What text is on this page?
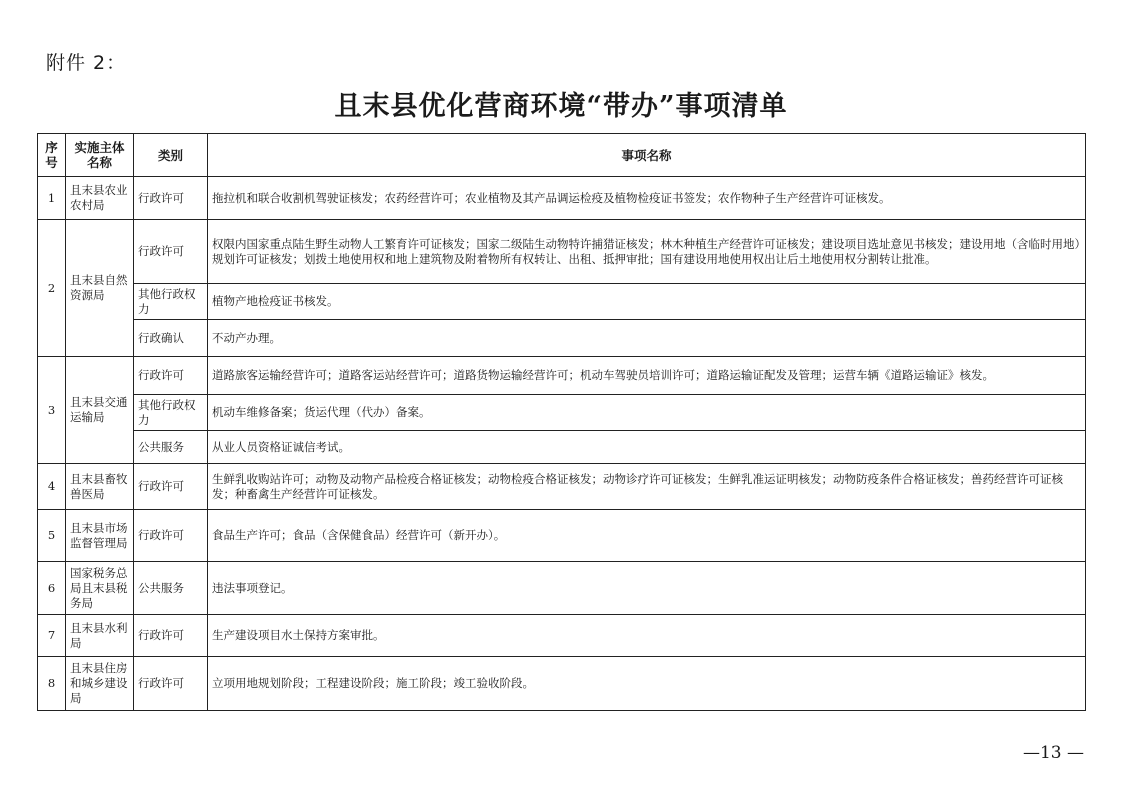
附件 2：
且末县优化营商环境“带办”事项清单
序号	实施主体名称	类别	事项名称
1	且末县农业农村局	行政许可	拖拉机和联合收割机驾驶证核发；农药经营许可；农业植物及其产品调运检疫及植物检疫证书签发；农作物种子生产经营许可证核发。
2	且末县自然资源局	行政许可	权限内国家重点陆生野生动物人工繁育许可证核发；国家二级陆生动物特许捕猎证核发；林木种植生产经营许可证核发；建设项目选址意见书核发；建设用地（含临时用地）规划许可证核发；划拨土地使用权和地上建筑物及附着物所有权转让、出租、抵押审批；国有建设用地使用权出让后土地使用权分割转让批准。
		其他行政权力	植物产地检疫证书核发。
		行政确认	不动产办理。
3	且末县交通运输局	行政许可	道路旅客运输经营许可；道路客运站经营许可；道路货物运输经营许可；机动车驾驶员培训许可；道路运输证配发及管理；运营车辆《道路运输证》核发。
		其他行政权力	机动车维修备案；货运代理（代办）备案。
		公共服务	从业人员资格证诚信考试。
4	且末县畜牧兽医局	行政许可	生鲜乳收购站许可；动物及动物产品检疫合格证核发；动物检疫合格证核发；动物诊疗许可证核发；生鲜乳准运证明核发；动物防疫条件合格证核发；兽药经营许可证核发；种畜禽生产经营许可证核发。
5	且末县市场监督管理局	行政许可	食品生产许可；食品（含保健食品）经营许可（新开办）。
6	国家税务总局且末县税务局	公共服务	违法事项登记。
7	且末县水利局	行政许可	生产建设项目水土保持方案审批。
8	且末县住房和城乡建设局	行政许可	立项用地规划阶段；工程建设阶段；施工阶段；竣工验收阶段。
—13 —
